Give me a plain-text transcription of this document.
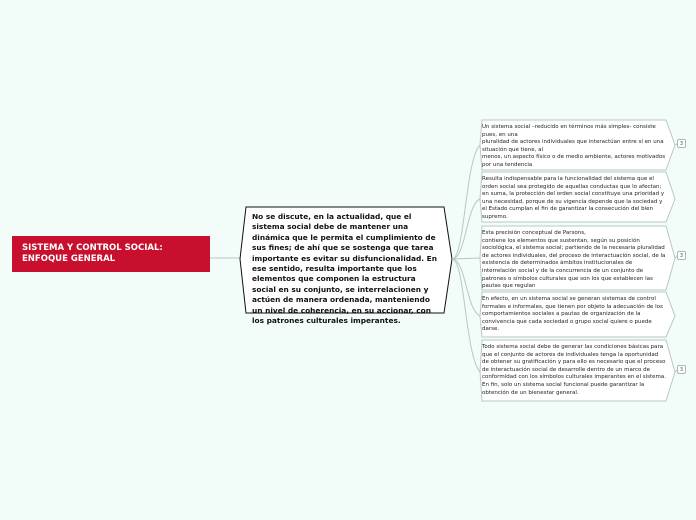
SISTEMA Y CONTROL SOCIAL:
ENFOQUE GENERAL

No se discute, en la actualidad, que el sistema social debe de mantener una dinámica que le permita el cumplimiento de sus fines; de ahí que se sostenga que tarea importante es evitar su disfuncionalidad. En ese sentido, resulta importante que los elementos que componen la estructura social en su conjunto, se interrelacionen y actúen de manera ordenada, manteniendo un nivel de coherencia, en su accionar, con los patrones culturales imperantes.

Un sistema social –reducido en términos más simples- consiste pues, en una
pluralidad de actores individuales que interactúan entre sí en una situación que tiene, al
menos, un aspecto físico o de medio ambiente, actores motivados por una tendencia

Resulta indispensable para la funcionalidad del sistema que el orden social sea protegido de aquellas conductas que lo afectan; en suma, la protección del orden social constituye una prioridad y una necesidad, porque de su vigencia depende que la sociedad y el Estado cumplan el fin de garantizar la consecución del bien supremo.

Esta precisión conceptual de Parsons,
contiene los elementos que sustentan, según su posición sociológica, el sistema social; partiendo de la necesaria pluralidad de actores individuales, del proceso de interactuación social, de la existencia de determinados ámbitos institucionales de interrelación social y de la concurrencia de un conjunto de patrones o símbolos culturales que son los que establecen las pautas que regulan

En efecto, en un sistema social se generan sistemas de control formales e informales, que tienen por objeto la adecuación de los comportamientos sociales a pautas de organización de la convivencia que cada sociedad o grupo social quiere o puede darse.

Todo sistema social debe de generar las condiciones básicas para que el conjunto de actores de individuales tenga la oportunidad de obtener su gratificación y para ello es necesario que el proceso de interactuación social de desarrolle dentro de un marco de conformidad con los símbolos culturales imperantes en el sistema. En fin, solo un sistema social funcional puede garantizar la obtención de un bienestar general.

3
3
3
